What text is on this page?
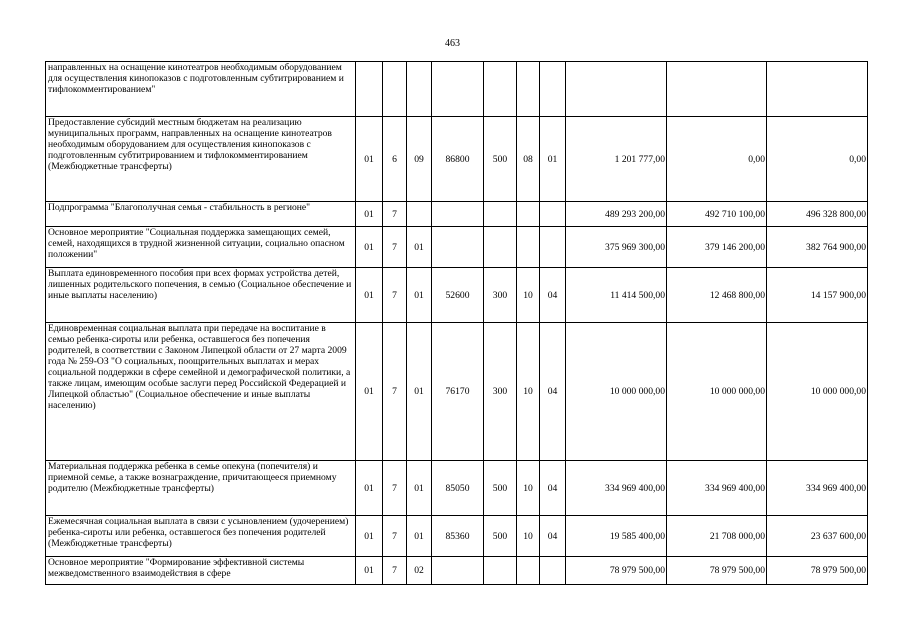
463
направленных на оснащение кинотеатров необходимым оборудованием для осуществления кинопоказов с подготовленным субтитрированием и тифлокомментированием"										
Предоставление субсидий местным бюджетам на реализацию муниципальных программ, направленных на оснащение кинотеатров необходимым оборудованием для осуществления кинопоказов с подготовленным субтитрированием и тифлокомментированием (Межбюджетные трансферты)	01	6	09	86800	500	08	01	1 201 777,00	0,00	0,00
Подпрограмма "Благополучная семья - стабильность в регионе"	01	7						489 293 200,00	492 710 100,00	496 328 800,00
Основное мероприятие "Социальная поддержка замещающих семей, семей, находящихся в трудной жизненной ситуации, социально опасном положении"	01	7	01					375 969 300,00	379 146 200,00	382 764 900,00
Выплата единовременного пособия при всех формах устройства детей, лишенных родительского попечения, в семью (Социальное обеспечение и иные выплаты населению)	01	7	01	52600	300	10	04	11 414 500,00	12 468 800,00	14 157 900,00
Единовременная социальная выплата при передаче на воспитание в семью ребенка-сироты или ребенка, оставшегося без попечения родителей, в соответствии с Законом Липецкой области от 27 марта 2009 года № 259-ОЗ "О социальных, поощрительных выплатах и мерах социальной поддержки в сфере семейной и демографической политики, а также лицам, имеющим особые заслуги перед Российской Федерацией и Липецкой областью" (Социальное обеспечение и иные выплаты населению)	01	7	01	76170	300	10	04	10 000 000,00	10 000 000,00	10 000 000,00
Материальная поддержка ребенка в семье опекуна (попечителя) и приемной семье, а также вознаграждение, причитающееся приемному родителю (Межбюджетные трансферты)	01	7	01	85050	500	10	04	334 969 400,00	334 969 400,00	334 969 400,00
Ежемесячная социальная выплата в связи с усыновлением (удочерением) ребенка-сироты или ребенка, оставшегося без попечения родителей (Межбюджетные трансферты)	01	7	01	85360	500	10	04	19 585 400,00	21 708 000,00	23 637 600,00
Основное мероприятие "Формирование эффективной системы межведомственного взаимодействия в сфере	01	7	02					78 979 500,00	78 979 500,00	78 979 500,00
